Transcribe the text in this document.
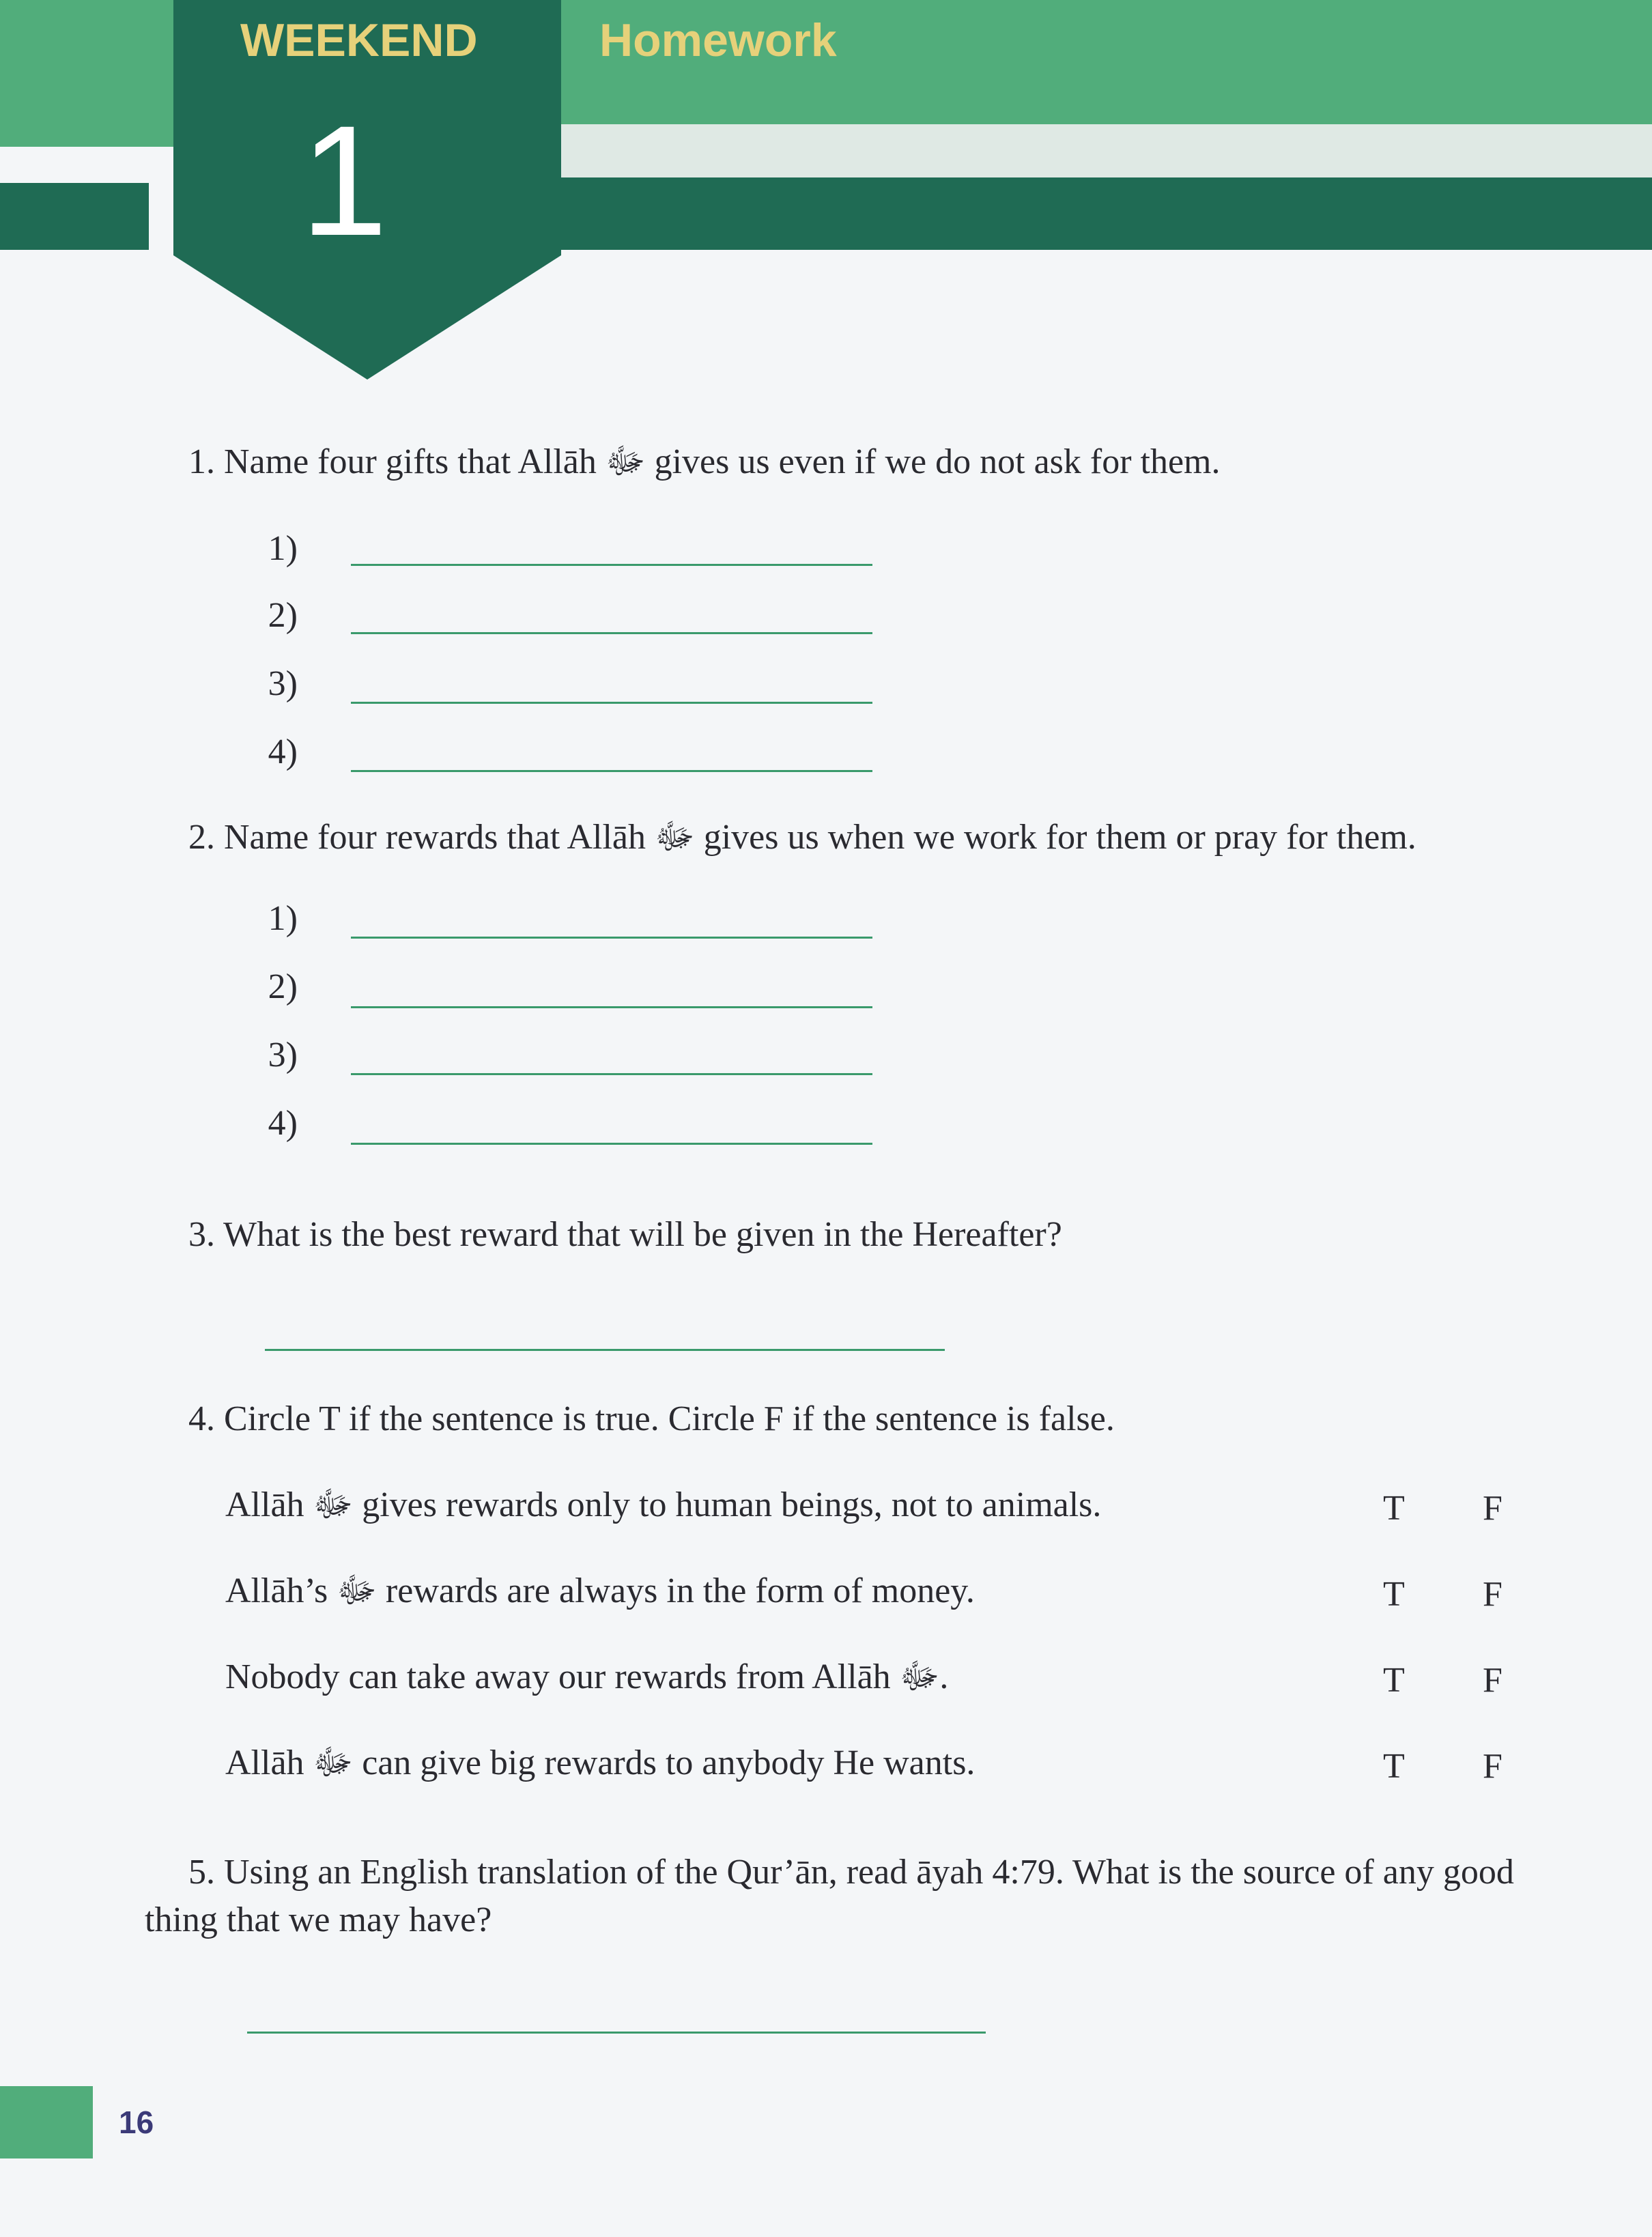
WEEKEND	Homework
1
1. Name four gifts that Allāh ﷻ gives us even if we do not ask for them.
1)
2)
3)
4)
2. Name four rewards that Allāh ﷻ gives us when we work for them or pray for them.
1)
2)
3)
4)
3. What is the best reward that will be given in the Hereafter?
4. Circle T if the sentence is true. Circle F if the sentence is false.
Allāh ﷻ gives rewards only to human beings, not to animals.	T F
Allāh’s ﷻ rewards are always in the form of money.	T F
Nobody can take away our rewards from Allāh ﷻ.	T F
Allāh ﷻ can give big rewards to anybody He wants.	T F
5. Using an English translation of the Qur’ān, read āyah 4:79. What is the source of any good
thing that we may have?
16
